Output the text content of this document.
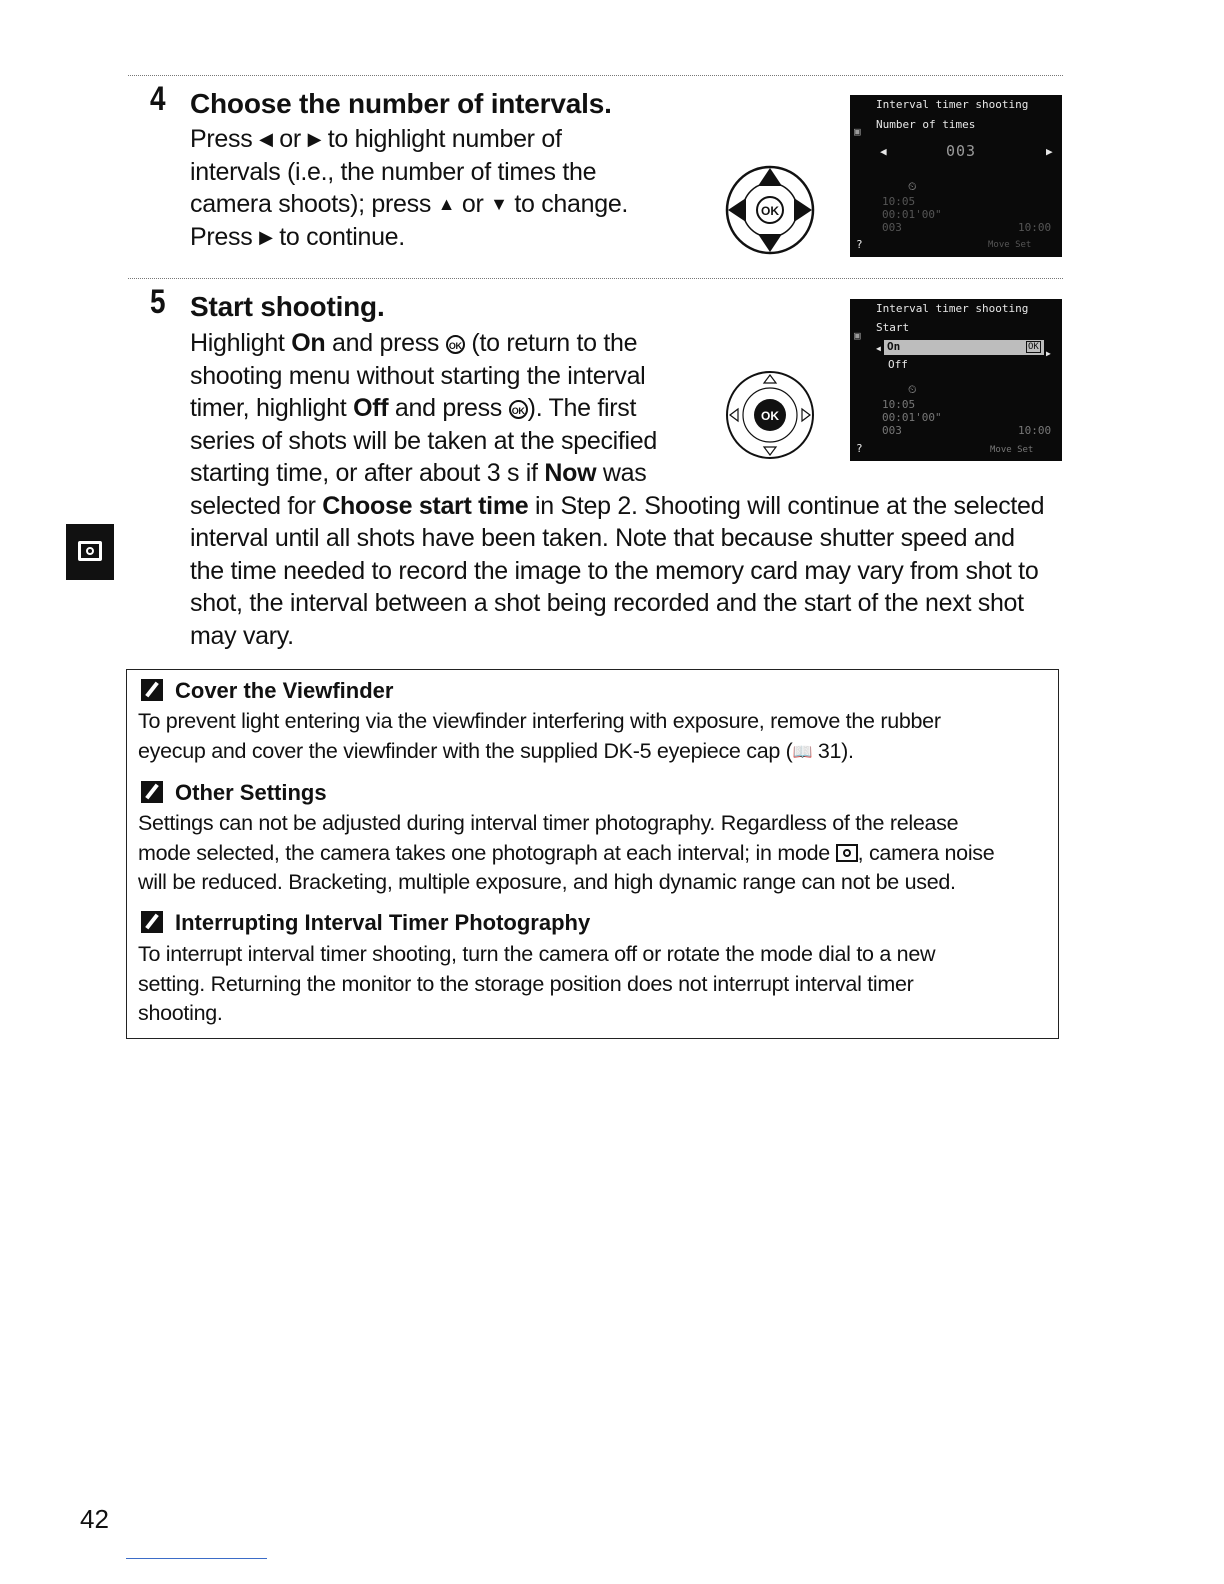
4 Choose the number of intervals.
Press ◀ or ▶ to highlight number of
intervals (i.e., the number of times the
camera shoots); press ▲ or ▼ to change.
Press ▶ to continue.
OK
Interval timer shooting
Number of times
▣
◀	▶
003
⏲
10:05
00:01'00"
003	10:00
?	Move Set
5 Start shooting.
Highlight On and press OK (to return to the
shooting menu without starting the interval
timer, highlight Off and press OK ). The first
series of shots will be taken at the specified
starting time, or after about 3 s if Now was
selected for Choose start time in Step 2. Shooting will continue at the selected
interval until all shots have been taken. Note that because shutter speed and
the time needed to record the image to the memory card may vary from shot to
shot, the interval between a shot being recorded and the start of the next shot
may vary.
OK
Interval timer shooting
Start
▣
◀
▶
On	OK
Off
⏲
10:05
00:01'00"
003	10:00
?	Move Set
Cover the Viewfinder
To prevent light entering via the viewfinder interfering with exposure, remove the rubber
eyecup and cover the viewfinder with the supplied DK-5 eyepiece cap (📖 31).
Other Settings
Settings can not be adjusted during interval timer photography. Regardless of the release
mode selected, the camera takes one photograph at each interval; in mode , camera noise
will be reduced. Bracketing, multiple exposure, and high dynamic range can not be used.
Interrupting Interval Timer Photography
To interrupt interval timer shooting, turn the camera off or rotate the mode dial to a new
setting. Returning the monitor to the storage position does not interrupt interval timer
shooting.
42
